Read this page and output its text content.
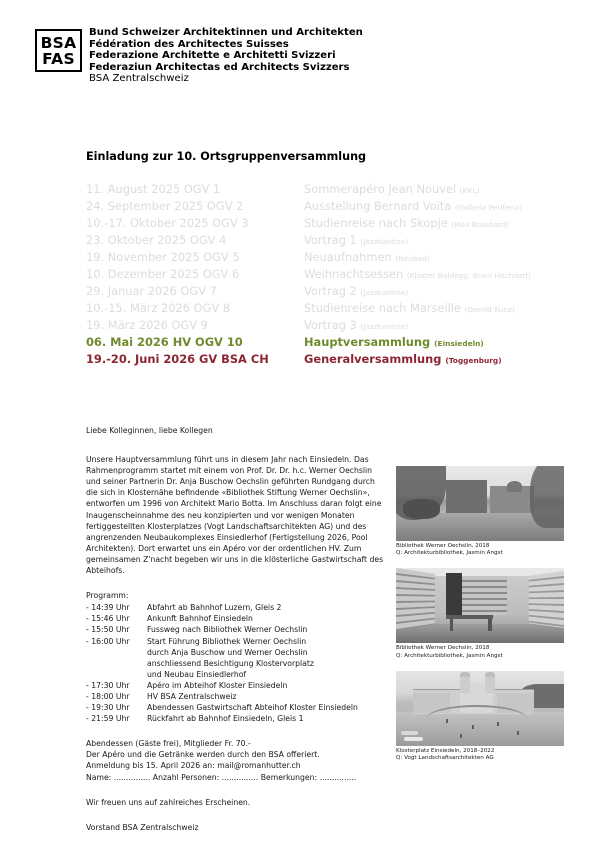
BSA
FAS
Bund Schweizer Architektinnen und Architekten
Fédération des Architectes Suisses
Federazione Architette e Architetti Svizzeri
Federaziun Architectas ed Architects Svizzers
BSA Zentralschweiz
Einladung zur 10. Ortsgruppenversammlung
11. August 2025 OGV 1	Sommerapéro Jean Nouvel (KKL)
24. September 2025 OGV 2	Ausstellung Bernard Voïta (Galleria Periferia)
10.-17. Oktober 2025 OGV 3	Studienreise nach Skopje (Max Bosshard)
23. Oktober 2025 OGV 4	Vortrag 1 (Jazzkantine)
19. November 2025 OGV 5	Neuaufnahmen (Neubad)
10. Dezember 2025 OGV 6	Weihnachtsessen (Kloster Baldegg, Braui Hochdorf)
29. Januar 2026 OGV 7	Vortrag 2 (Jazzkantine)
10.-15. März 2026 OGV 8	Studienreise nach Marseille (Gerold Kunz)
19. März 2026 OGV 9	Vortrag 3 (Jazzkantine)
06. Mai 2026 HV OGV 10	Hauptversammlung (Einsiedeln)
19.-20. Juni 2026 GV BSA CH	Generalversammlung (Toggenburg)

Liebe Kolleginnen, liebe Kollegen

Unsere Hauptversammlung führt uns in diesem Jahr nach Einsiedeln. Das Rahmenprogramm startet mit einem von Prof. Dr. Dr. h.c. Werner Oechslin und seiner Partnerin Dr. Anja Buschow Oechslin geführten Rundgang durch die sich in Klosternähe befindende «Bibliothek Stiftung Werner Oechslin», entworfen um 1996 von Architekt Mario Botta. Im Anschluss daran folgt eine Inaugenscheinnahme des neu konzipierten und vor wenigen Monaten fertiggestellten Klosterplatzes (Vogt Landschaftsarchitekten AG) und des angrenzenden Neubaukomplexes Einsiedlerhof (Fertigstellung 2026, Pool Architekten). Dort erwartet uns ein Apéro vor der ordentlichen HV. Zum gemeinsamen Z'nacht begeben wir uns in die klösterliche Gastwirtschaft des Abteihofs.

Programm:
- 14:39 Uhr	Abfahrt ab Bahnhof Luzern, Gleis 2
- 15:46 Uhr	Ankunft Bahnhof Einsiedeln
- 15:50 Uhr	Fussweg nach Bibliothek Werner Oechslin
- 16:00 Uhr	Start Führung Bibliothek Werner Oechslin
durch Anja Buschow und Werner Oechslin
anschliessend Besichtigung Klostervorplatz
und Neubau Einsiedlerhof
- 17:30 Uhr	Apéro im Abteihof Kloster Einsiedeln
- 18:00 Uhr	HV BSA Zentralschweiz
- 19:30 Uhr	Abendessen Gastwirtschaft Abteihof Kloster Einsiedeln
- 21:59 Uhr	Rückfahrt ab Bahnhof Einsiedeln, Gleis 1
Abendessen (Gäste frei), Mitglieder Fr. 70.-
Der Apéro und die Getränke werden durch den BSA offeriert.
Anmeldung bis 15. April 2026 an: mail@romanhutter.ch
Name: ............... Anzahl Personen: ............... Bemerkungen: ...............

Wir freuen uns auf zahlreiches Erscheinen.

Vorstand BSA Zentralschweiz

Bibliothek Werner Oechslin, 2018
Q: Architekturbibliothek, Jasmin Angst
Bibliothek Werner Oechslin, 2018
Q: Architekturbibliothek, Jasmin Angst
Klosterplatz Einsiedeln, 2018–2022
Q: Vogt Landschaftsarchitekten AG
